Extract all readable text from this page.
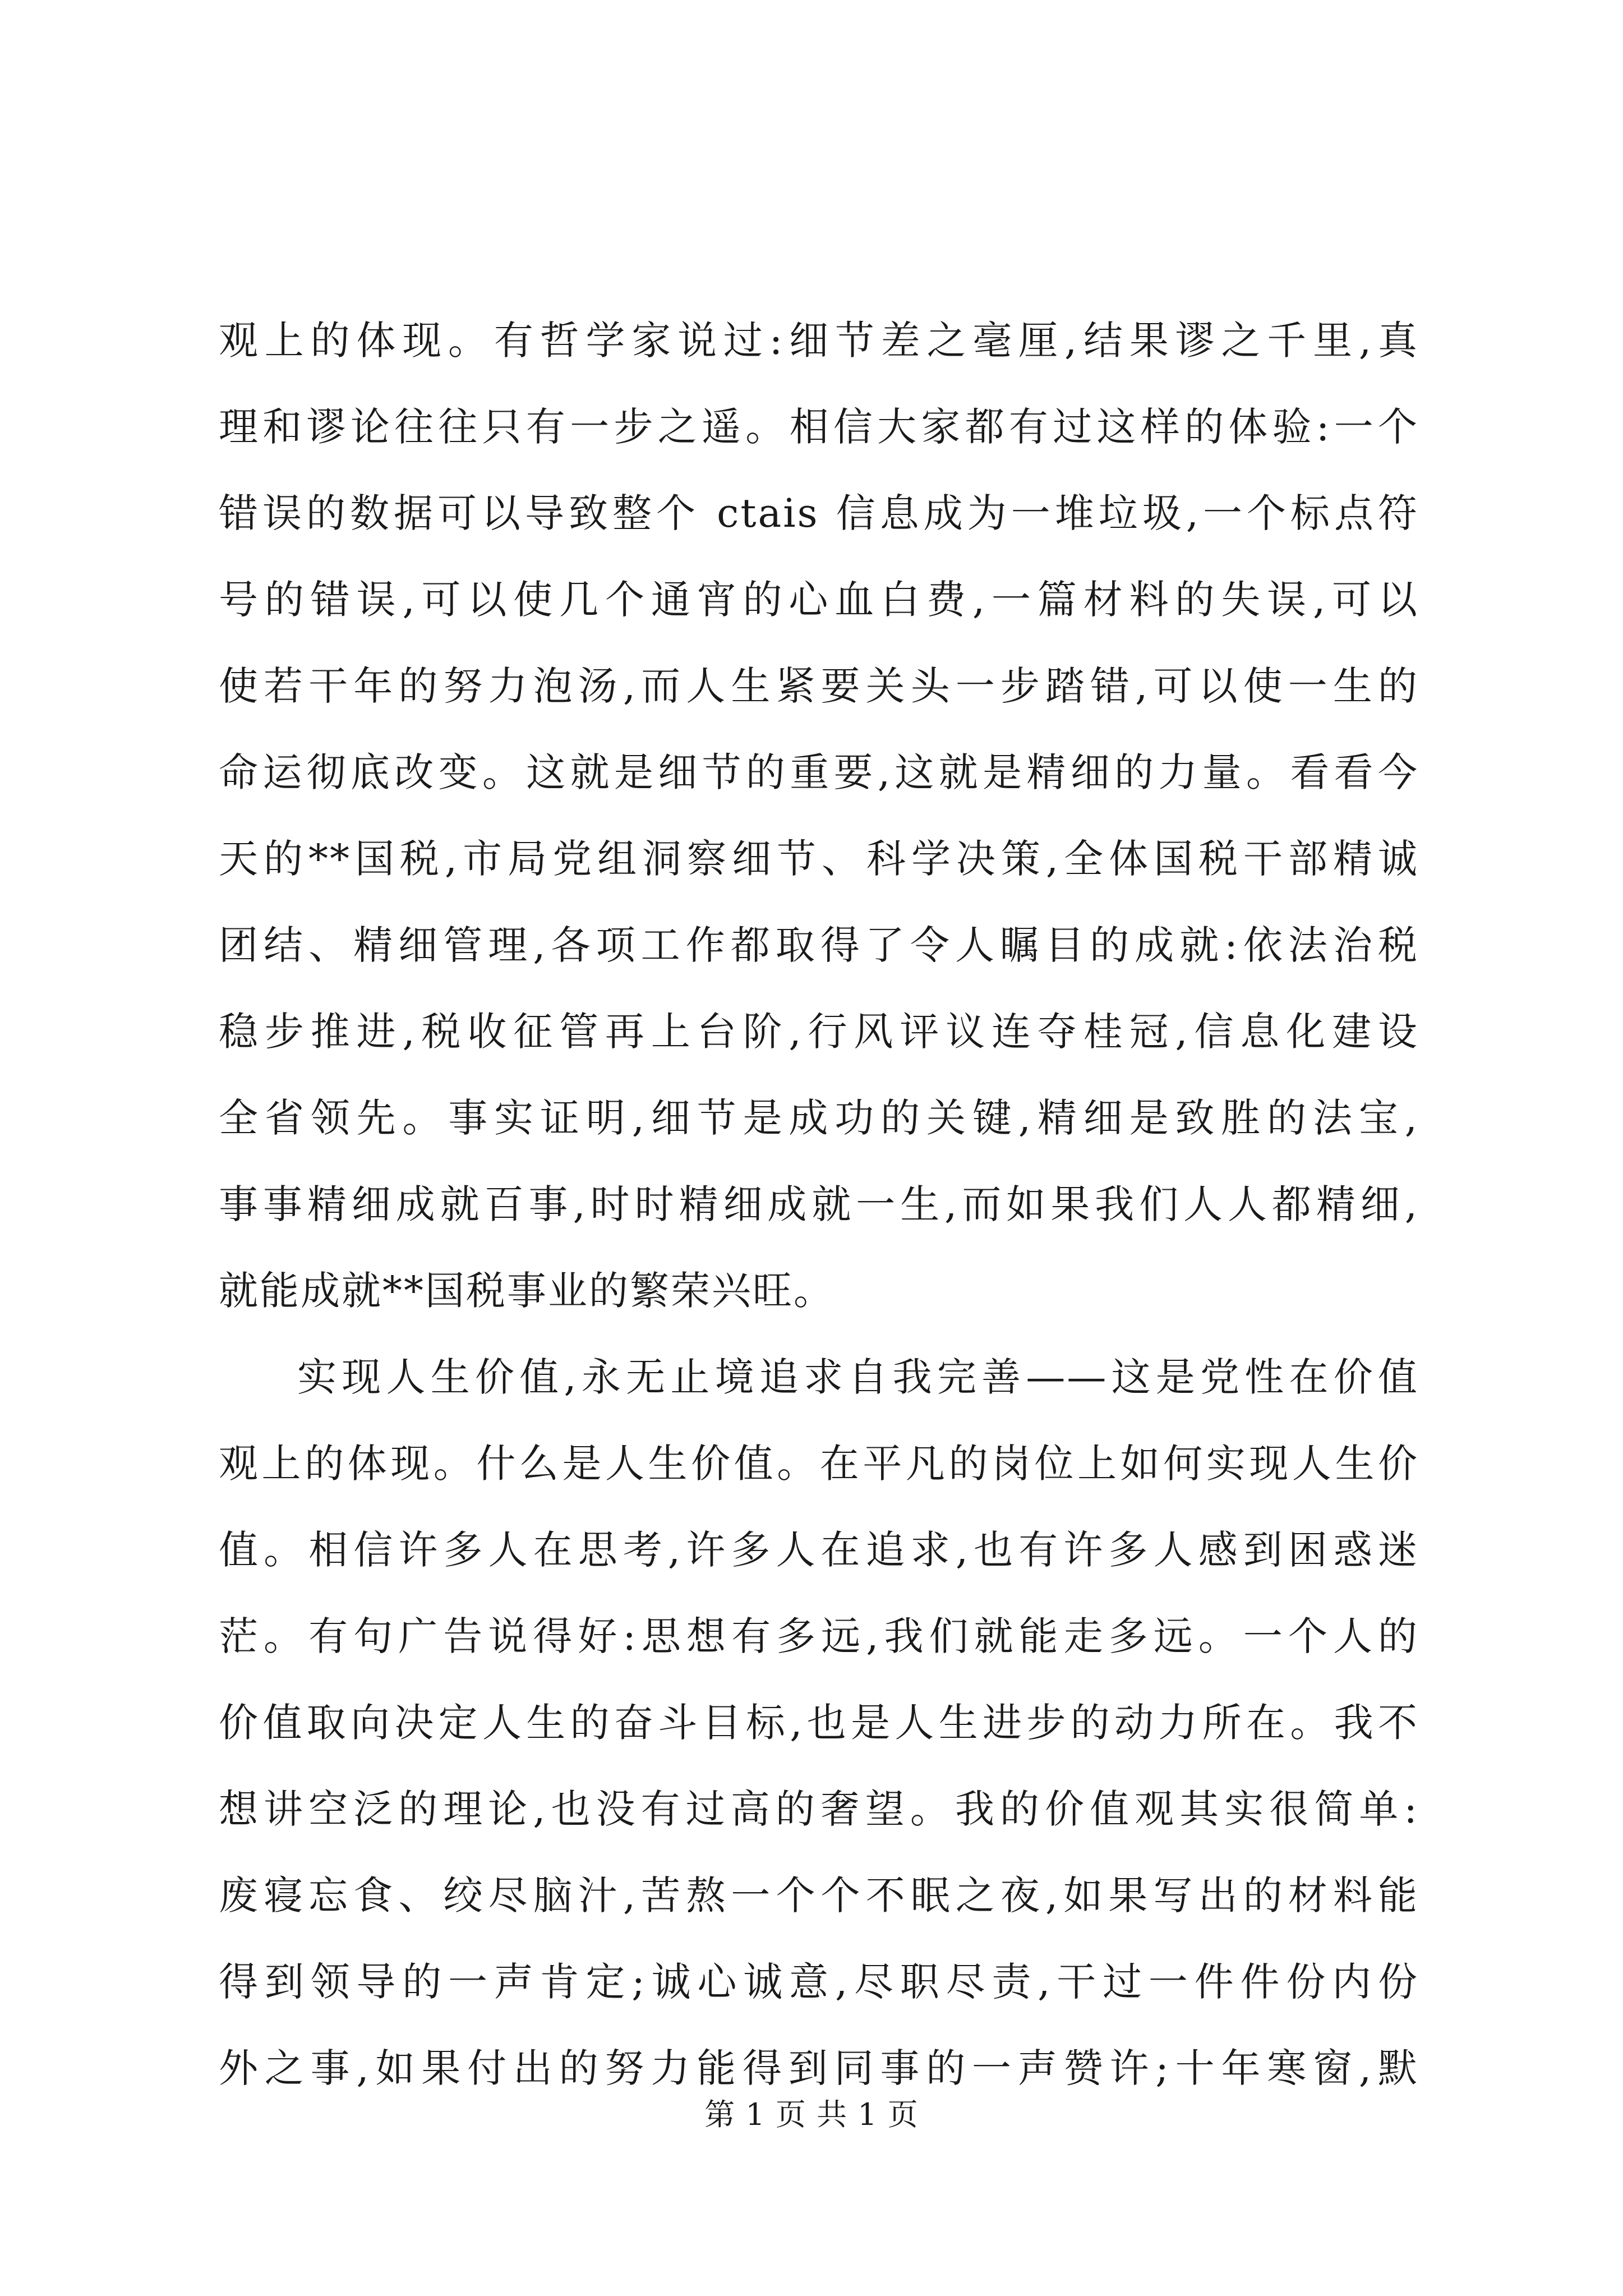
观上的体现。有哲学家说过:细节差之毫厘,结果谬之千里,真
理和谬论往往只有一步之遥。相信大家都有过这样的体验:一个
错误的数据可以导致整个 ctais 信息成为一堆垃圾,一个标点符
号的错误,可以使几个通宵的心血白费,一篇材料的失误,可以
使若干年的努力泡汤,而人生紧要关头一步踏错,可以使一生的
命运彻底改变。这就是细节的重要,这就是精细的力量。看看今
天的**国税,市局党组洞察细节、科学决策,全体国税干部精诚
团结、精细管理,各项工作都取得了令人瞩目的成就:依法治税
稳步推进,税收征管再上台阶,行风评议连夺桂冠,信息化建设
全省领先。事实证明,细节是成功的关键,精细是致胜的法宝,
事事精细成就百事,时时精细成就一生,而如果我们人人都精细,
就能成就**国税事业的繁荣兴旺。
实现人生价值,永无止境追求自我完善——这是党性在价值
观上的体现。什么是人生价值。在平凡的岗位上如何实现人生价
值。相信许多人在思考,许多人在追求,也有许多人感到困惑迷
茫。有句广告说得好:思想有多远,我们就能走多远。一个人的
价值取向决定人生的奋斗目标,也是人生进步的动力所在。我不
想讲空泛的理论,也没有过高的奢望。我的价值观其实很简单:
废寝忘食、绞尽脑汁,苦熬一个个不眠之夜,如果写出的材料能
得到领导的一声肯定;诚心诚意,尽职尽责,干过一件件份内份
外之事,如果付出的努力能得到同事的一声赞许;十年寒窗,默
第 1 页 共 1 页
